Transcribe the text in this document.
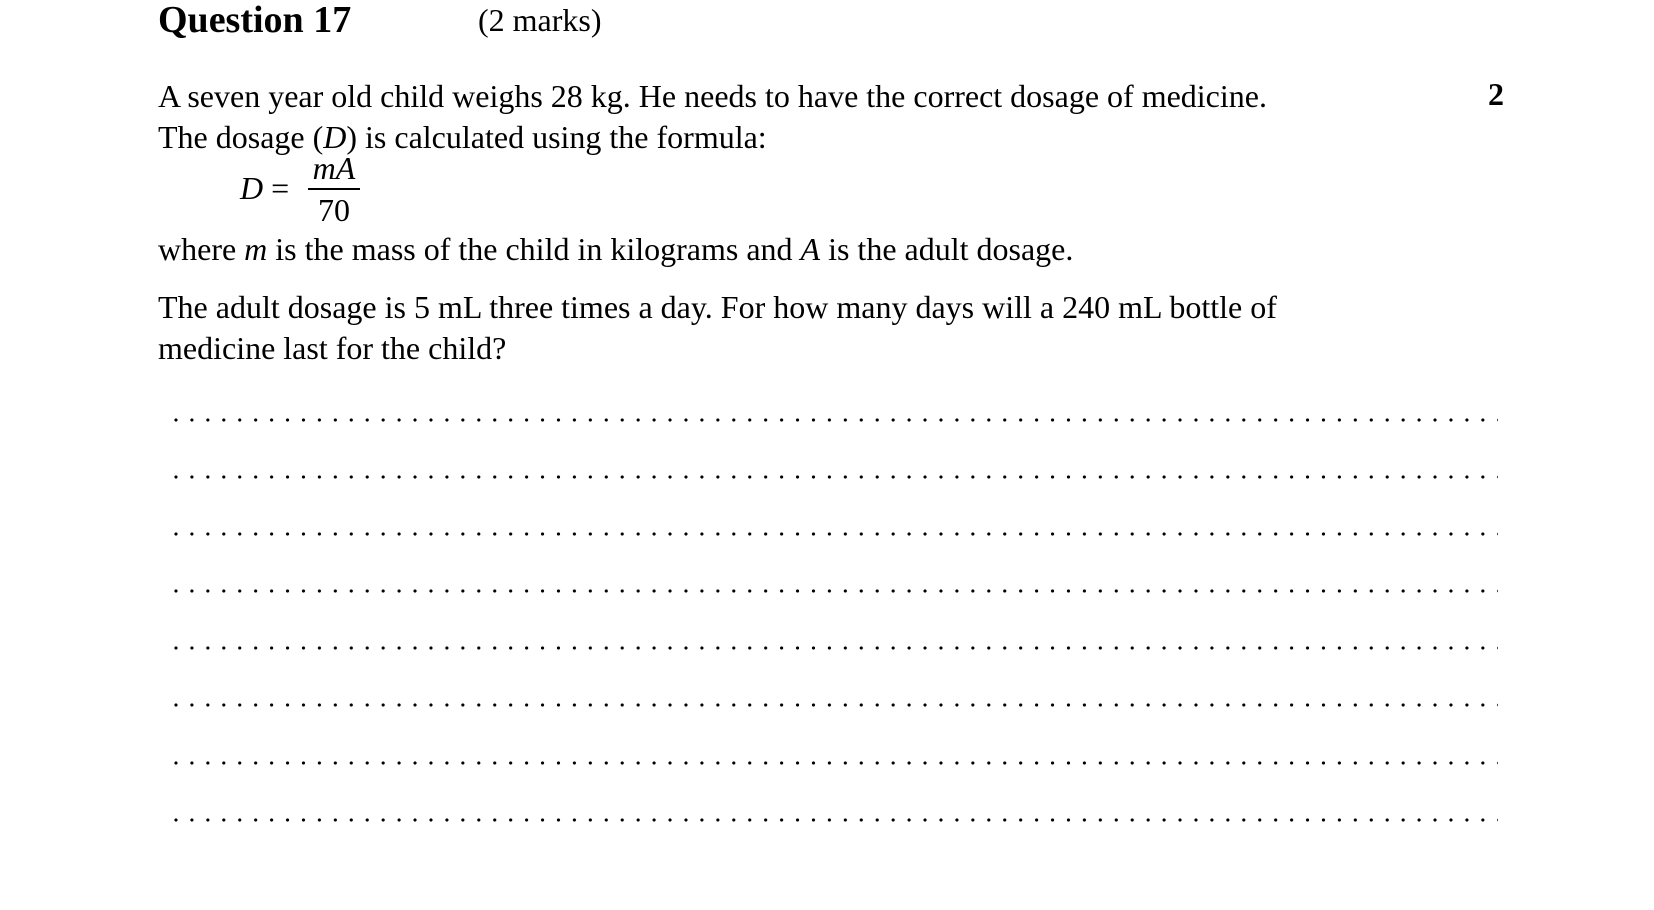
Question 17	(2 marks)
2
A seven year old child weighs 28 kg. He needs to have the correct dosage of medicine.
The dosage (D) is calculated using the formula:
D =
mA
70
where m is the mass of the child in kilograms and A is the adult dosage.
The adult dosage is 5 mL three times a day. For how many days will a 240 mL bottle of
medicine last for the child?
